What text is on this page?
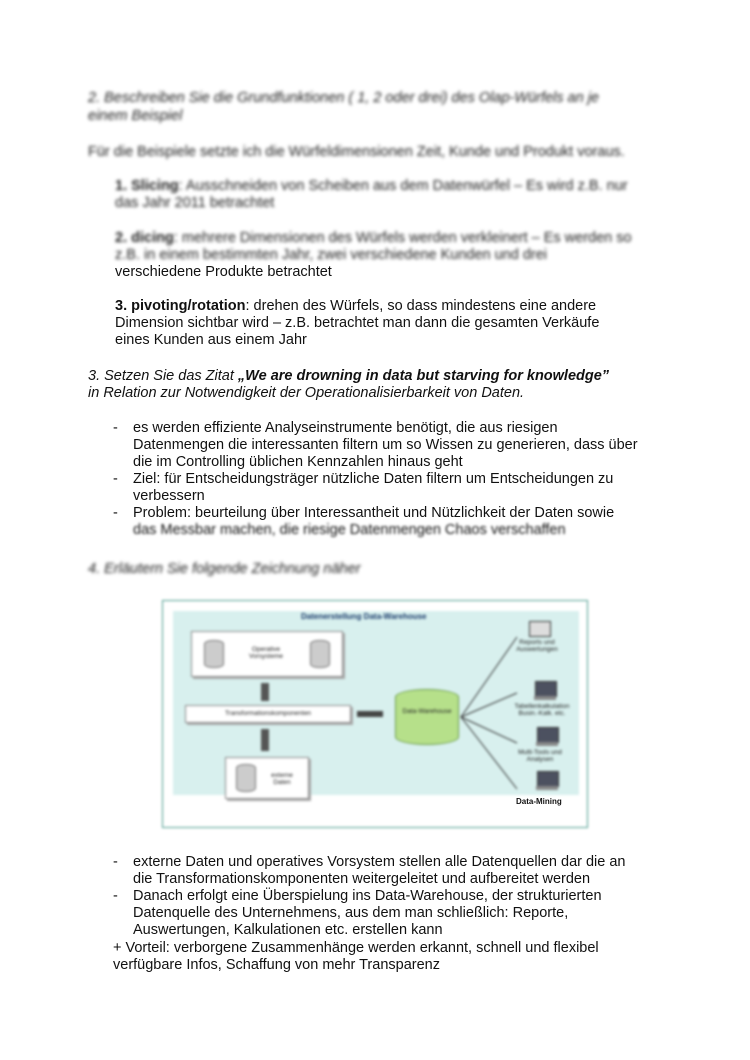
2. Beschreiben Sie die Grundfunktionen ( 1, 2 oder drei) des Olap-Würfels an je
einem Beispiel
Für die Beispiele setzte ich die Würfeldimensionen Zeit, Kunde und Produkt voraus.
1. Slicing: Ausschneiden von Scheiben aus dem Datenwürfel – Es wird z.B. nur
das Jahr 2011 betrachtet
2. dicing: mehrere Dimensionen des Würfels werden verkleinert – Es werden so
z.B. in einem bestimmten Jahr, zwei verschiedene Kunden und drei
verschiedene Produkte betrachtet
3. pivoting/rotation: drehen des Würfels, so dass mindestens eine andere
Dimension sichtbar wird – z.B. betrachtet man dann die gesamten Verkäufe
eines Kunden aus einem Jahr
3. Setzen Sie das Zitat „We are drowning in data but starving for knowledge”
in Relation zur Notwendigkeit der Operationalisierbarkeit von Daten.
- es werden effiziente Analyseinstrumente benötigt, die aus riesigen
Datenmengen die interessanten filtern um so Wissen zu generieren, dass über
die im Controlling üblichen Kennzahlen hinaus geht
- Ziel: für Entscheidungsträger nützliche Daten filtern um Entscheidungen zu
verbessern
- Problem: beurteilung über Interessantheit und Nützlichkeit der Daten sowie
das Messbar machen, die riesige Datenmengen Chaos verschaffen
4. Erläutern Sie folgende Zeichnung näher
Datenerstellung Data-Warehouse
Operative Vorsysteme
Transformationskomponenten
externe Daten
Data-Warehouse
Reports und Auswertungen
Tabellenkalkulation Busin.-Kalk. etc.
Multi-Tools und Analysen
Data-Mining
- externe Daten und operatives Vorsystem stellen alle Datenquellen dar die an
die Transformationskomponenten weitergeleitet und aufbereitet werden
- Danach erfolgt eine Überspielung ins Data-Warehouse, der strukturierten
Datenquelle des Unternehmens, aus dem man schließlich: Reporte,
Auswertungen, Kalkulationen etc. erstellen kann
+ Vorteil: verborgene Zusammenhänge werden erkannt, schnell und flexibel
verfügbare Infos, Schaffung von mehr Transparenz
